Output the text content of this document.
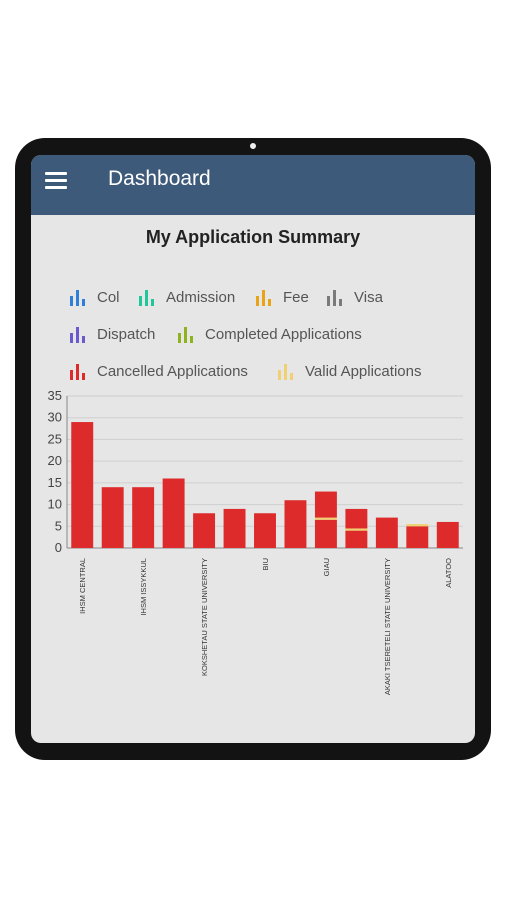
Dashboard
My Application Summary
Col	Admission	Fee	Visa
Dispatch	Completed Applications
Cancelled Applications	Valid Applications
0
5
10
15
20
25
30
35
IHSM CENTRAL	IHSM ISSYKKUL	KOKSHETAU STATE UNIVERSITY	BIU	GIAU	AKAKI TSERETELI STATE UNIVERSITY	ALATOO
